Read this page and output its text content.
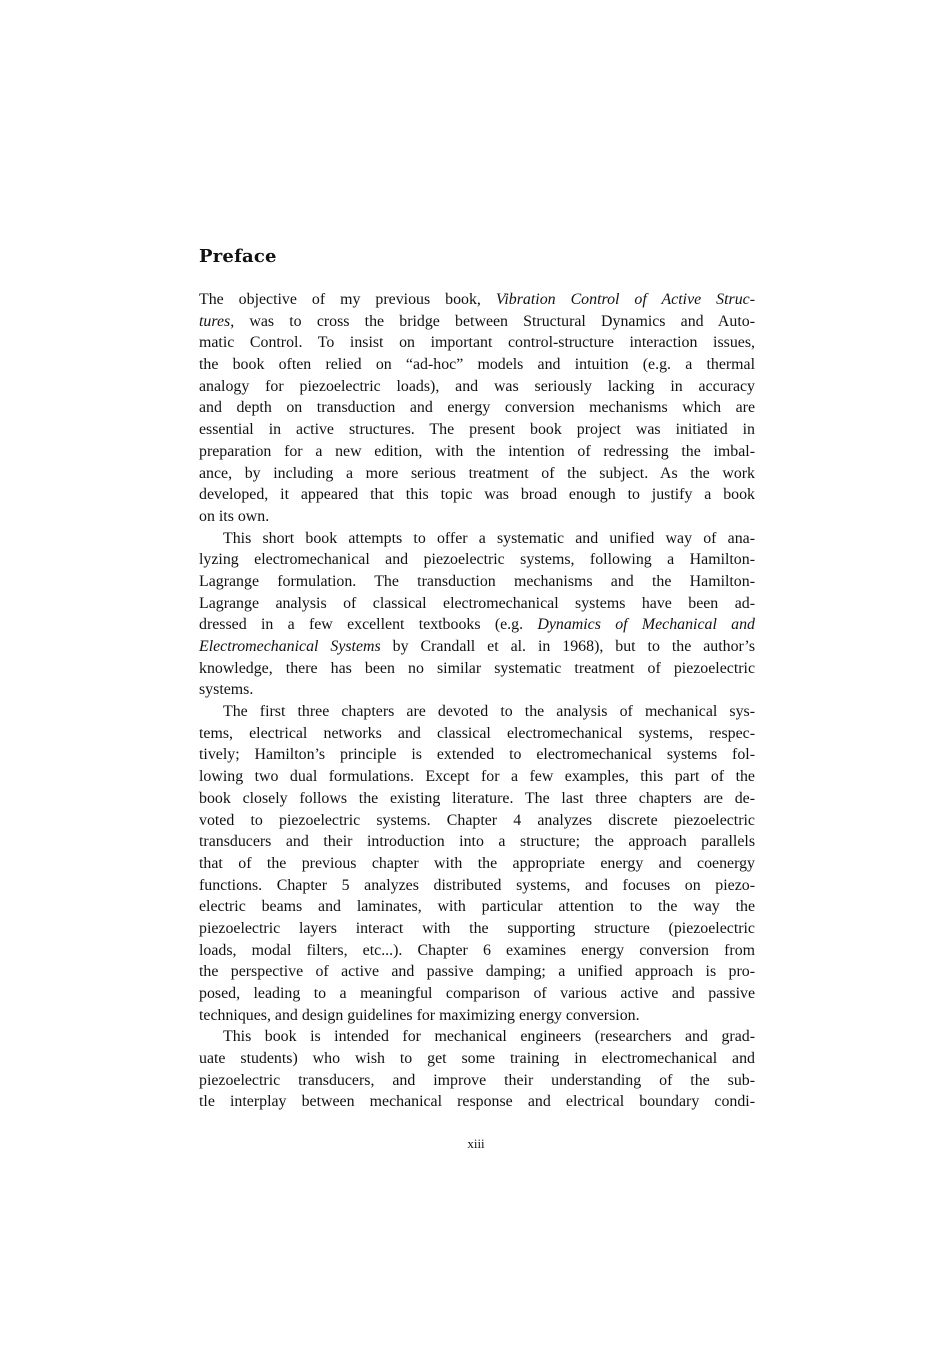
Preface
The objective of my previous book, Vibration Control of Active Struc-
tures, was to cross the bridge between Structural Dynamics and Auto-
matic Control. To insist on important control-structure interaction issues,
the book often relied on “ad-hoc” models and intuition (e.g. a thermal
analogy for piezoelectric loads), and was seriously lacking in accuracy
and depth on transduction and energy conversion mechanisms which are
essential in active structures. The present book project was initiated in
preparation for a new edition, with the intention of redressing the imbal-
ance, by including a more serious treatment of the subject. As the work
developed, it appeared that this topic was broad enough to justify a book
on its own.
This short book attempts to offer a systematic and unified way of ana-
lyzing electromechanical and piezoelectric systems, following a Hamilton-
Lagrange formulation. The transduction mechanisms and the Hamilton-
Lagrange analysis of classical electromechanical systems have been ad-
dressed in a few excellent textbooks (e.g. Dynamics of Mechanical and
Electromechanical Systems by Crandall et al. in 1968), but to the author’s
knowledge, there has been no similar systematic treatment of piezoelectric
systems.
The first three chapters are devoted to the analysis of mechanical sys-
tems, electrical networks and classical electromechanical systems, respec-
tively; Hamilton’s principle is extended to electromechanical systems fol-
lowing two dual formulations. Except for a few examples, this part of the
book closely follows the existing literature. The last three chapters are de-
voted to piezoelectric systems. Chapter 4 analyzes discrete piezoelectric
transducers and their introduction into a structure; the approach parallels
that of the previous chapter with the appropriate energy and coenergy
functions. Chapter 5 analyzes distributed systems, and focuses on piezo-
electric beams and laminates, with particular attention to the way the
piezoelectric layers interact with the supporting structure (piezoelectric
loads, modal filters, etc...). Chapter 6 examines energy conversion from
the perspective of active and passive damping; a unified approach is pro-
posed, leading to a meaningful comparison of various active and passive
techniques, and design guidelines for maximizing energy conversion.
This book is intended for mechanical engineers (researchers and grad-
uate students) who wish to get some training in electromechanical and
piezoelectric transducers, and improve their understanding of the sub-
tle interplay between mechanical response and electrical boundary condi-
xiii
